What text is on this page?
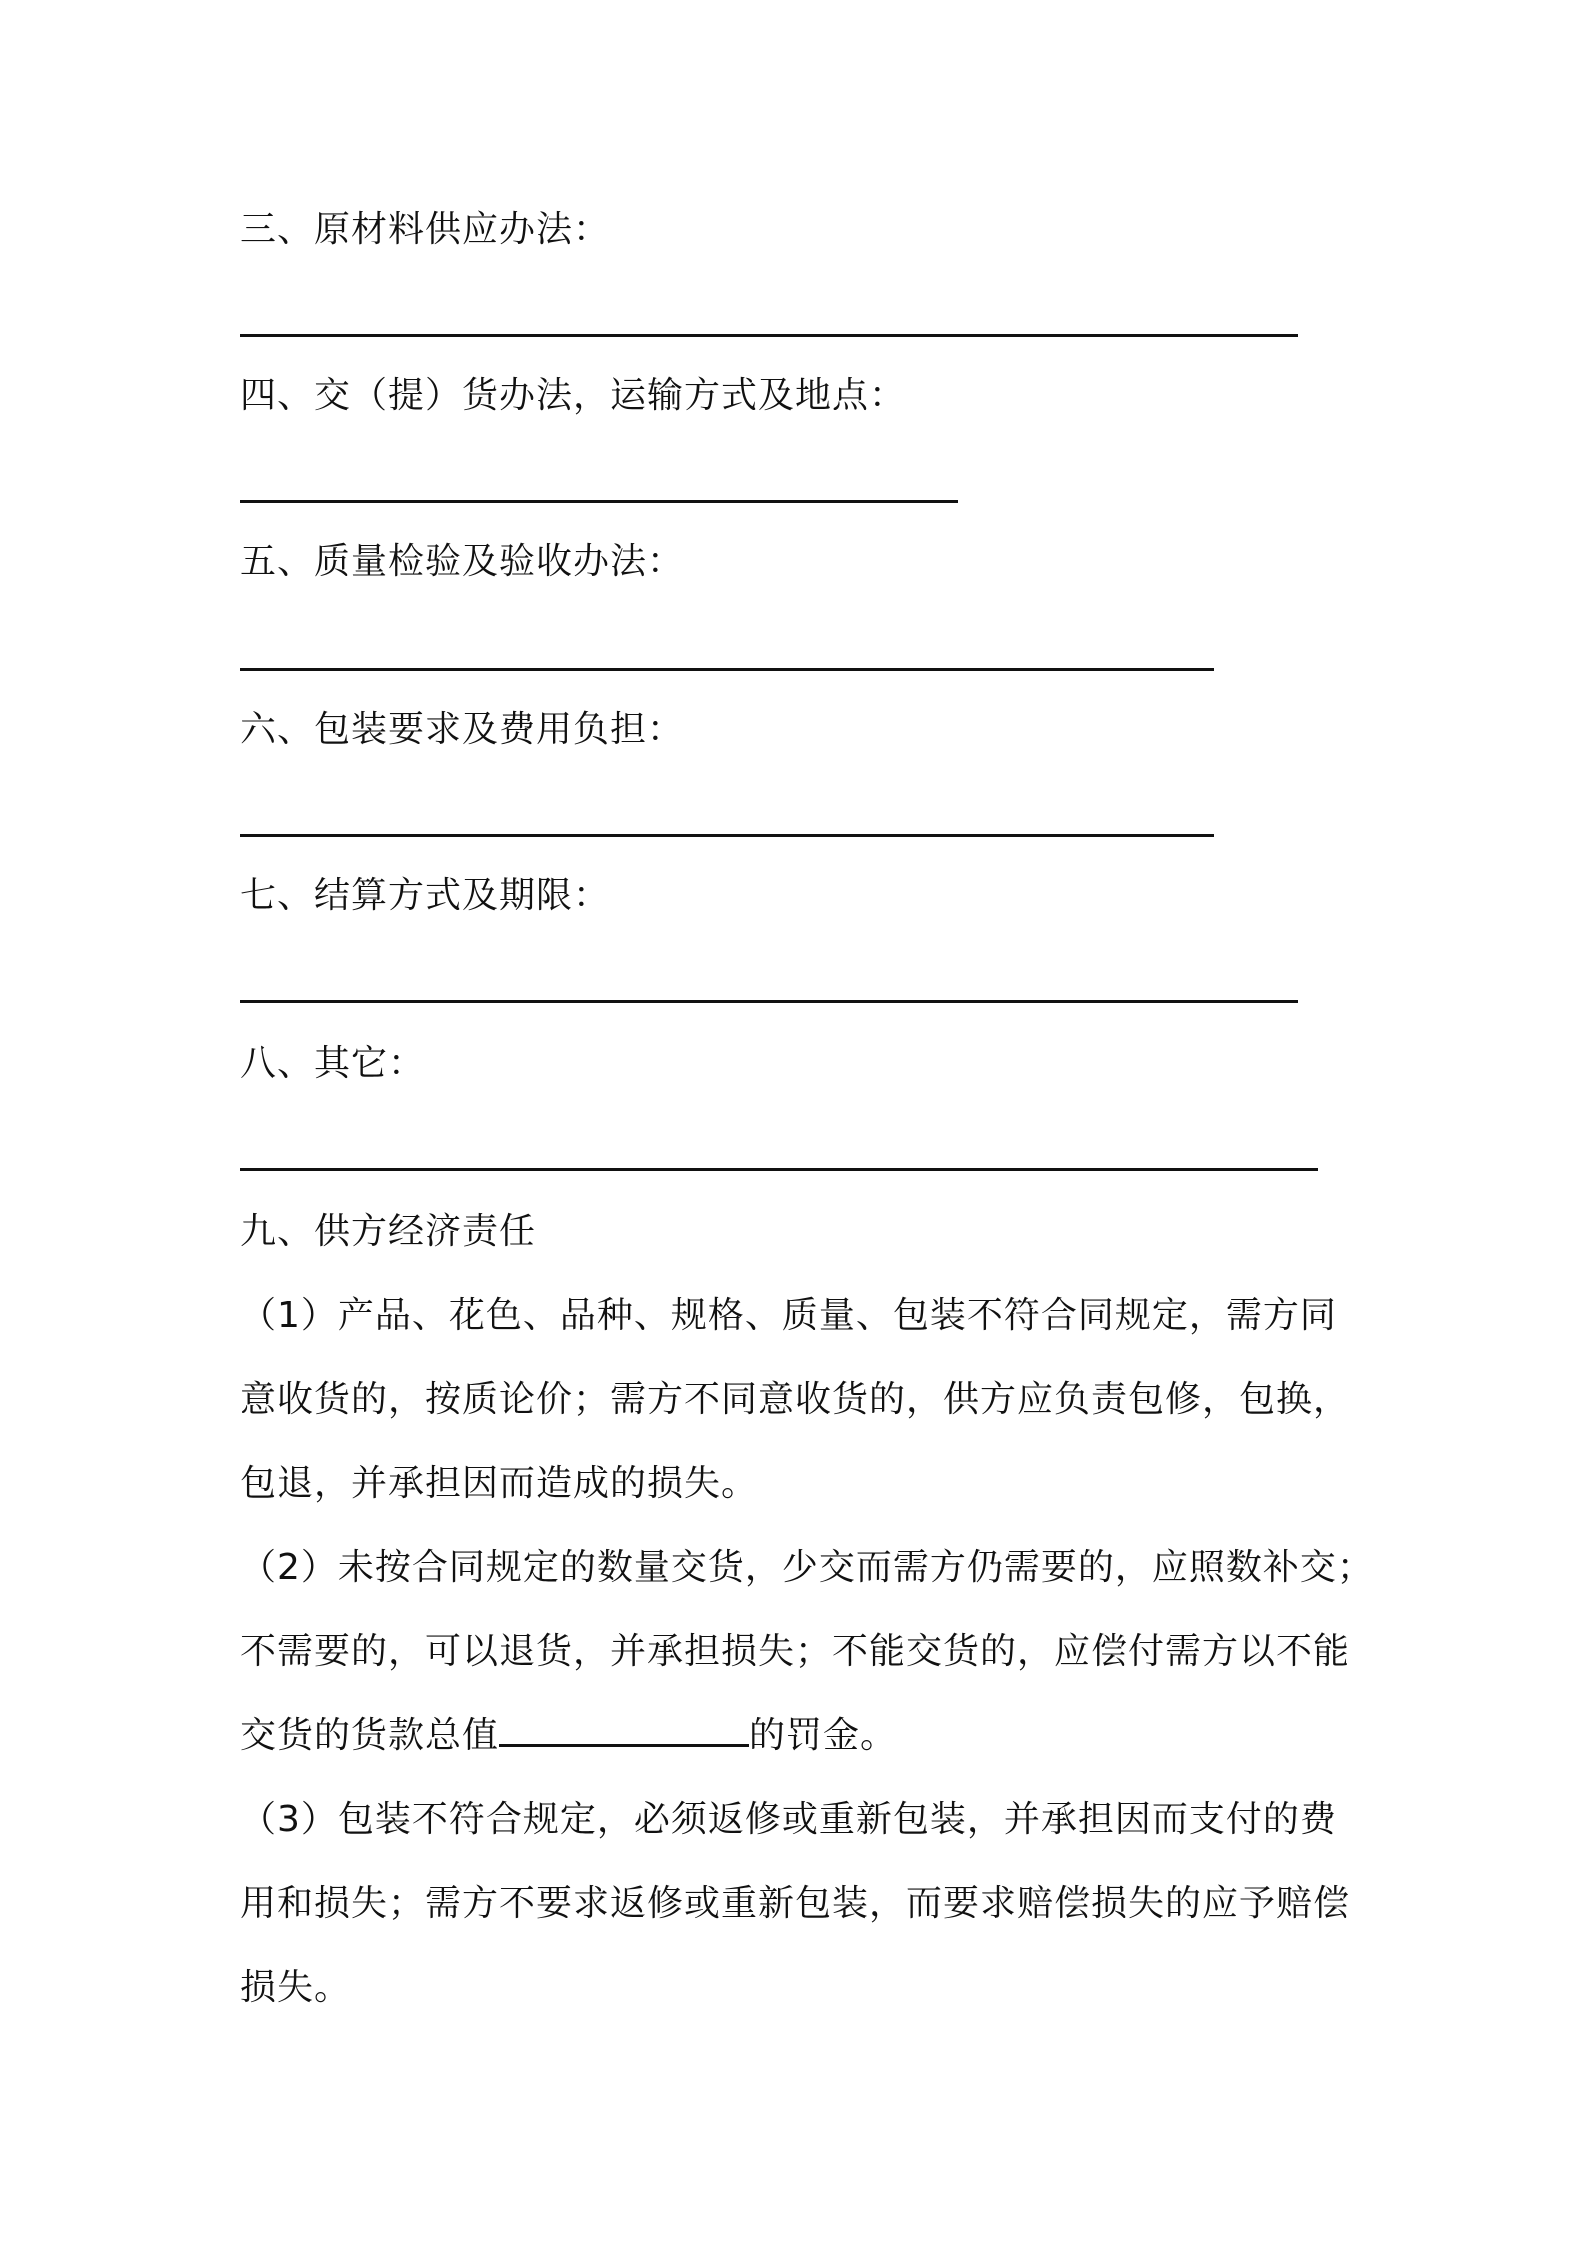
三、原材料供应办法：
四、交（提）货办法，运输方式及地点：
五、质量检验及验收办法：
六、包装要求及费用负担：
七、结算方式及期限：
八、其它：
九、供方经济责任
（1）产品、花色、品种、规格、质量、包装不符合同规定，需方同
意收货的，按质论价；需方不同意收货的，供方应负责包修，包换，
包退，并承担因而造成的损失。
（2）未按合同规定的数量交货，少交而需方仍需要的，应照数补交；
不需要的，可以退货，并承担损失；不能交货的，应偿付需方以不能
交货的货款总值	的罚金。
（3）包装不符合规定，必须返修或重新包装，并承担因而支付的费
用和损失；需方不要求返修或重新包装，而要求赔偿损失的应予赔偿
损失。
